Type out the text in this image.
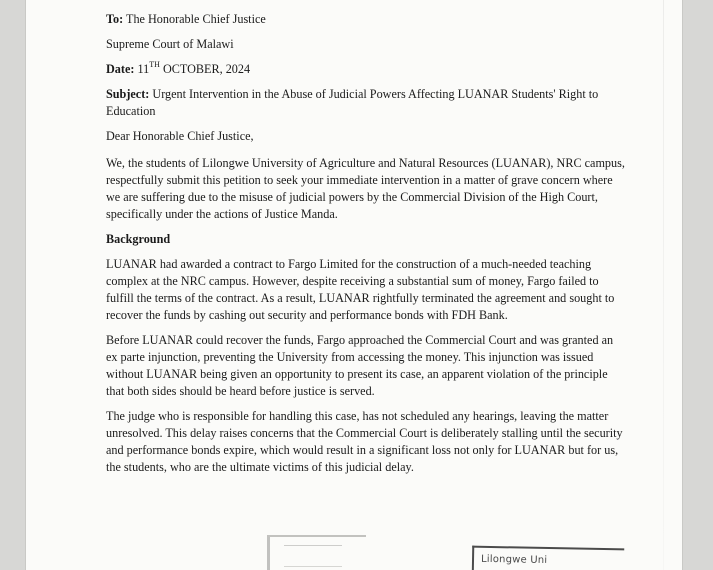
To: The Honorable Chief Justice

Supreme Court of Malawi

Date: 11TH OCTOBER, 2024

Subject: Urgent Intervention in the Abuse of Judicial Powers Affecting LUANAR Students' Right to Education

Dear Honorable Chief Justice,

We, the students of Lilongwe University of Agriculture and Natural Resources (LUANAR), NRC campus, respectfully submit this petition to seek your immediate intervention in a matter of grave concern where we are suffering due to the misuse of judicial powers by the Commercial Division of the High Court, specifically under the actions of Justice Manda.

Background

LUANAR had awarded a contract to Fargo Limited for the construction of a much-needed teaching complex at the NRC campus. However, despite receiving a substantial sum of money, Fargo failed to fulfill the terms of the contract. As a result, LUANAR rightfully terminated the agreement and sought to recover the funds by cashing out security and performance bonds with FDH Bank.

Before LUANAR could recover the funds, Fargo approached the Commercial Court and was granted an ex parte injunction, preventing the University from accessing the money. This injunction was issued without LUANAR being given an opportunity to present its case, an apparent violation of the principle that both sides should be heard before justice is served.

The judge who is responsible for handling this case, has not scheduled any hearings, leaving the matter unresolved. This delay raises concerns that the Commercial Court is deliberately stalling until the security and performance bonds expire, which would result in a significant loss not only for LUANAR but for us, the students, who are the ultimate victims of this judicial delay.

Lilongwe Uni
